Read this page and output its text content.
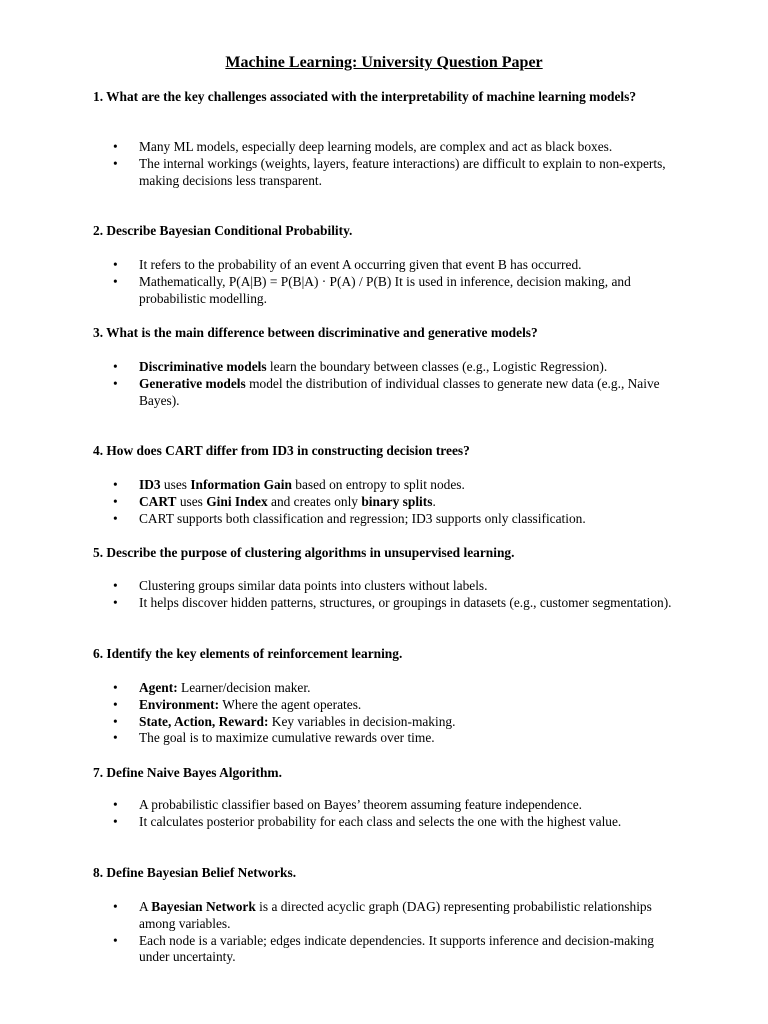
Machine Learning: University Question Paper
1. What are the key challenges associated with the interpretability of machine learning models?
• Many ML models, especially deep learning models, are complex and act as black boxes.
• The internal workings (weights, layers, feature interactions) are difficult to explain to non-experts, making decisions less transparent.
2. Describe Bayesian Conditional Probability.
• It refers to the probability of an event A occurring given that event B has occurred.
• Mathematically, P(A|B) = P(B|A) · P(A) / P(B) It is used in inference, decision making, and probabilistic modelling.
3. What is the main difference between discriminative and generative models?
• Discriminative models learn the boundary between classes (e.g., Logistic Regression).
• Generative models model the distribution of individual classes to generate new data (e.g., Naive Bayes).
4. How does CART differ from ID3 in constructing decision trees?
• ID3 uses Information Gain based on entropy to split nodes.
• CART uses Gini Index and creates only binary splits.
• CART supports both classification and regression; ID3 supports only classification.
5. Describe the purpose of clustering algorithms in unsupervised learning.
• Clustering groups similar data points into clusters without labels.
• It helps discover hidden patterns, structures, or groupings in datasets (e.g., customer segmentation).
6. Identify the key elements of reinforcement learning.
• Agent: Learner/decision maker.
• Environment: Where the agent operates.
• State, Action, Reward: Key variables in decision-making.
• The goal is to maximize cumulative rewards over time.
7. Define Naive Bayes Algorithm.
• A probabilistic classifier based on Bayes’ theorem assuming feature independence.
• It calculates posterior probability for each class and selects the one with the highest value.
8. Define Bayesian Belief Networks.
• A Bayesian Network is a directed acyclic graph (DAG) representing probabilistic relationships among variables.
• Each node is a variable; edges indicate dependencies. It supports inference and decision-making under uncertainty.
